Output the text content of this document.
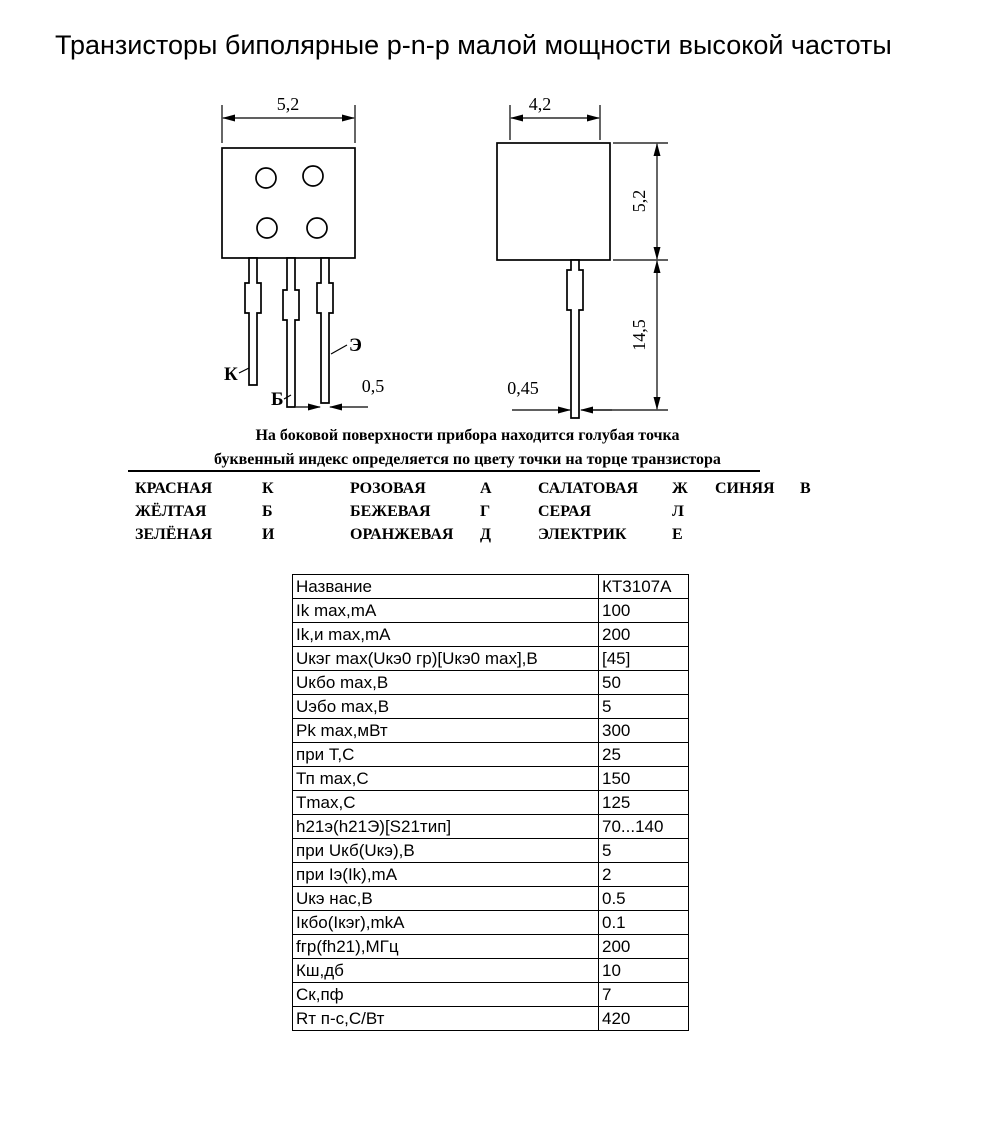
Транзисторы биполярные p-n-p малой мощности высокой частоты
5,2
К
Б
Э
0,5
4,2
5,2
14,5
0,45
На боковой поверхности прибора находится голубая точка
буквенный индекс определяется по цвету точки на торце транзистора
КРАСНАЯ	К	РОЗОВАЯ	А	САЛАТОВАЯ	Ж	СИНЯЯ	В
ЖЁЛТАЯ	Б	БЕЖЕВАЯ	Г	СЕРАЯ	Л
ЗЕЛЁНАЯ	И	ОРАНЖЕВАЯ	Д	ЭЛЕКТРИК	Е
Название	КТ3107А
Ik max,mA	100
Ik,и max,mA	200
Uкэг max(Uкэ0 гр)[Uкэ0 max],В	[45]
Uкбо max,В	50
Uэбо max,В	5
Pk max,мВт	300
при Т,С	25
Тп max,С	150
Tmax,С	125
h21э(h21Э)[S21тип]	70...140
при Uкб(Uкэ),В	5
при Iэ(Ik),mA	2
Uкэ нас,В	0.5
Iкбо(Iкэr),mkA	0.1
fгр(fh21),МГц	200
Кш,дб	10
Ск,пф	7
Rт п-с,С/Вт	420
